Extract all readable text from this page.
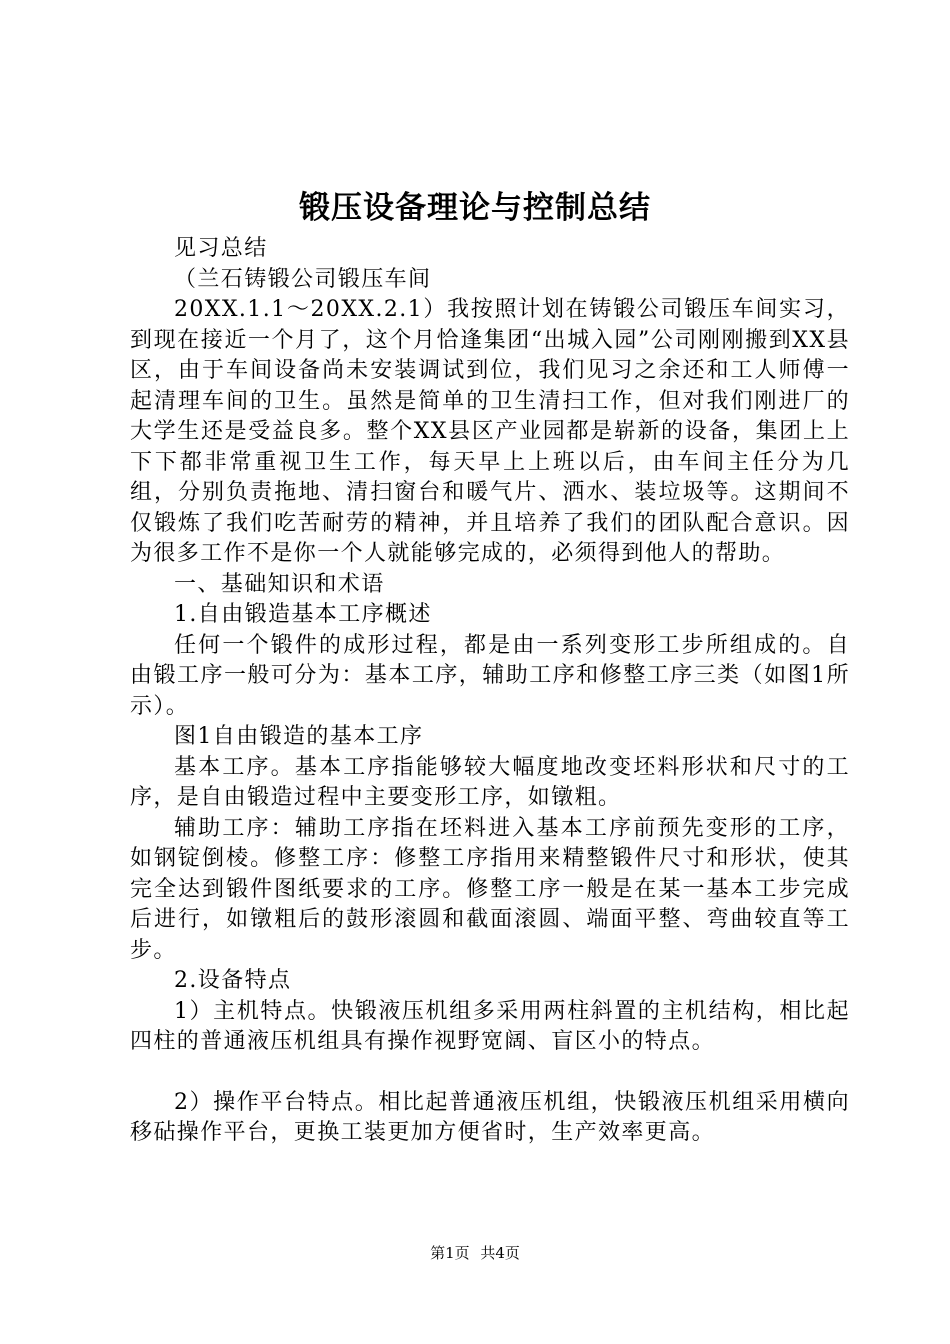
锻压设备理论与控制总结

见习总结

（兰石铸锻公司锻压车间

20XX.1.1～20XX.2.1）我按照计划在铸锻公司锻压车间实习，到现在接近一个月了，这个月恰逢集团“出城入园”公司刚刚搬到XX县区，由于车间设备尚未安装调试到位，我们见习之余还和工人师傅一起清理车间的卫生。虽然是简单的卫生清扫工作，但对我们刚进厂的大学生还是受益良多。整个XX县区产业园都是崭新的设备，集团上上下下都非常重视卫生工作，每天早上上班以后，由车间主任分为几组，分别负责拖地、清扫窗台和暖气片、洒水、装垃圾等。这期间不仅锻炼了我们吃苦耐劳的精神，并且培养了我们的团队配合意识。因为很多工作不是你一个人就能够完成的，必须得到他人的帮助。

一、基础知识和术语

1.自由锻造基本工序概述

任何一个锻件的成形过程，都是由一系列变形工步所组成的。自由锻工序一般可分为：基本工序，辅助工序和修整工序三类（如图1所示）。

图1自由锻造的基本工序

基本工序。基本工序指能够较大幅度地改变坯料形状和尺寸的工序，是自由锻造过程中主要变形工序，如镦粗。

辅助工序：辅助工序指在坯料进入基本工序前预先变形的工序，如钢锭倒棱。修整工序：修整工序指用来精整锻件尺寸和形状，使其完全达到锻件图纸要求的工序。修整工序一般是在某一基本工步完成后进行，如镦粗后的鼓形滚圆和截面滚圆、端面平整、弯曲较直等工步。

2.设备特点

1）主机特点。快锻液压机组多采用两柱斜置的主机结构，相比起四柱的普通液压机组具有操作视野宽阔、盲区小的特点。

2）操作平台特点。相比起普通液压机组，快锻液压机组采用横向移砧操作平台，更换工装更加方便省时，生产效率更高。

第1页 共4页
